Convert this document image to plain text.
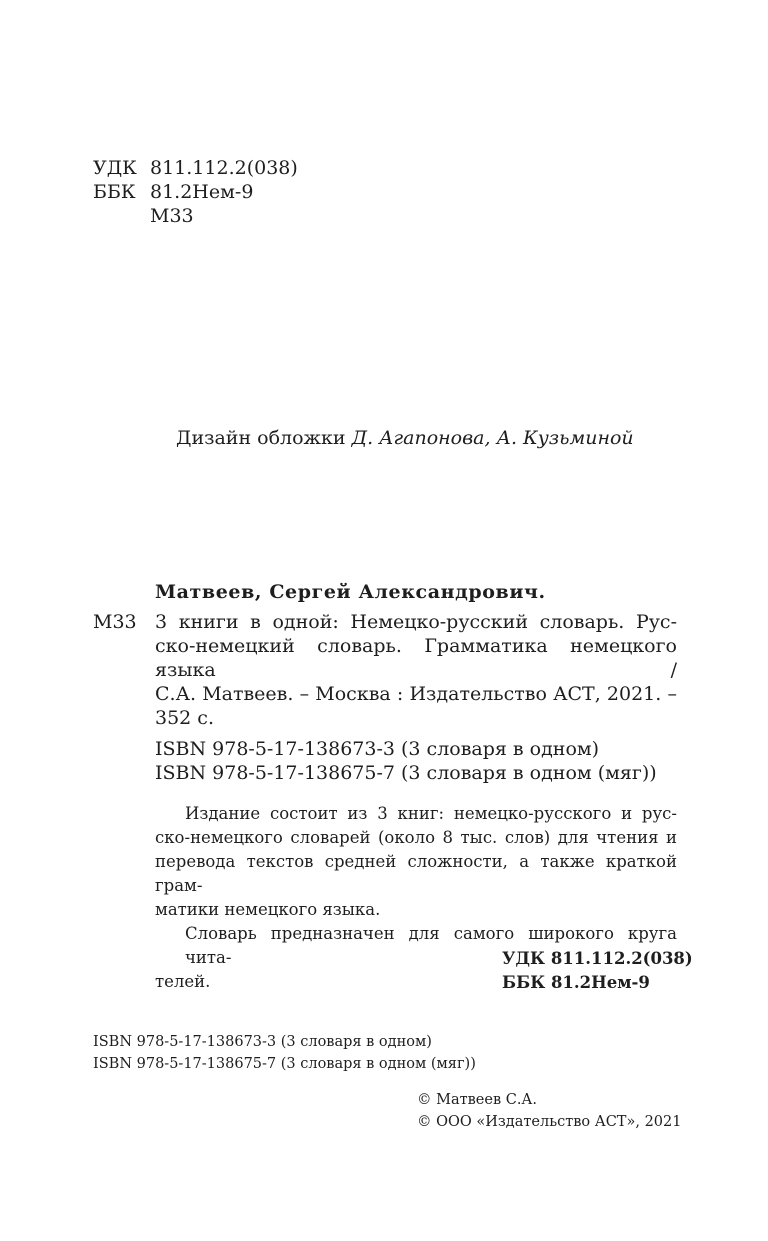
УДК 811.112.2(038)
ББК 81.2Нем-9
М33
Дизайн обложки Д. Агапонова, А. Кузьминой
Матвеев, Сергей Александрович.
М33 3 книги в одной: Немецко-русский словарь. Рус-
ско-немецкий словарь. Грамматика немецкого языка /
С.А. Матвеев. – Москва : Издательство АСТ, 2021. –
352 с.
ISBN 978-5-17-138673-3 (3 словаря в одном)
ISBN 978-5-17-138675-7 (3 словаря в одном (мяг))
Издание состоит из 3 книг: немецко-русского и рус-
ско-немецкого словарей (около 8 тыс. слов) для чтения и
перевода текстов средней сложности, а также краткой грам-
матики немецкого языка.
Словарь предназначен для самого широкого круга чита-
телей.
УДК 811.112.2(038)
ББК 81.2Нем-9
ISBN 978-5-17-138673-3 (3 словаря в одном)
ISBN 978-5-17-138675-7 (3 словаря в одном (мяг))
© Матвеев С.А.
© ООО «Издательство АСТ», 2021
